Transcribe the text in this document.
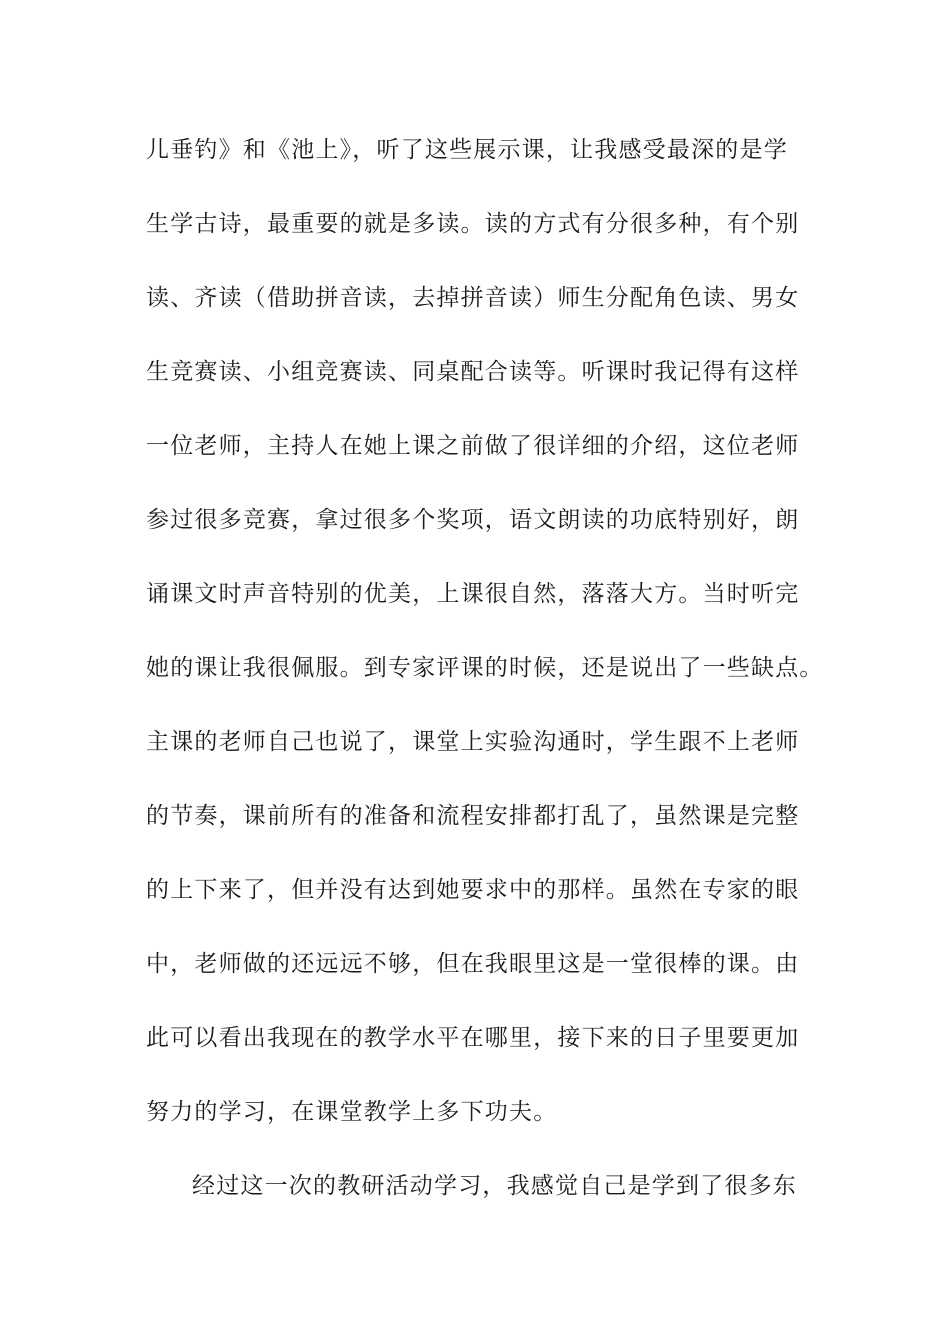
儿垂钓》和《池上》，听了这些展示课，让我感受最深的是学
生学古诗，最重要的就是多读。读的方式有分很多种，有个别
读、齐读（借助拼音读，去掉拼音读）师生分配角色读、男女
生竞赛读、小组竞赛读、同桌配合读等。听课时我记得有这样
一位老师，主持人在她上课之前做了很详细的介绍，这位老师
参过很多竞赛，拿过很多个奖项，语文朗读的功底特别好，朗
诵课文时声音特别的优美，上课很自然，落落大方。当时听完
她的课让我很佩服。到专家评课的时候，还是说出了一些缺点。
主课的老师自己也说了，课堂上实验沟通时，学生跟不上老师
的节奏，课前所有的准备和流程安排都打乱了，虽然课是完整
的上下来了，但并没有达到她要求中的那样。虽然在专家的眼
中，老师做的还远远不够，但在我眼里这是一堂很棒的课。由
此可以看出我现在的教学水平在哪里，接下来的日子里要更加
努力的学习，在课堂教学上多下功夫。
经过这一次的教研活动学习，我感觉自己是学到了很多东
